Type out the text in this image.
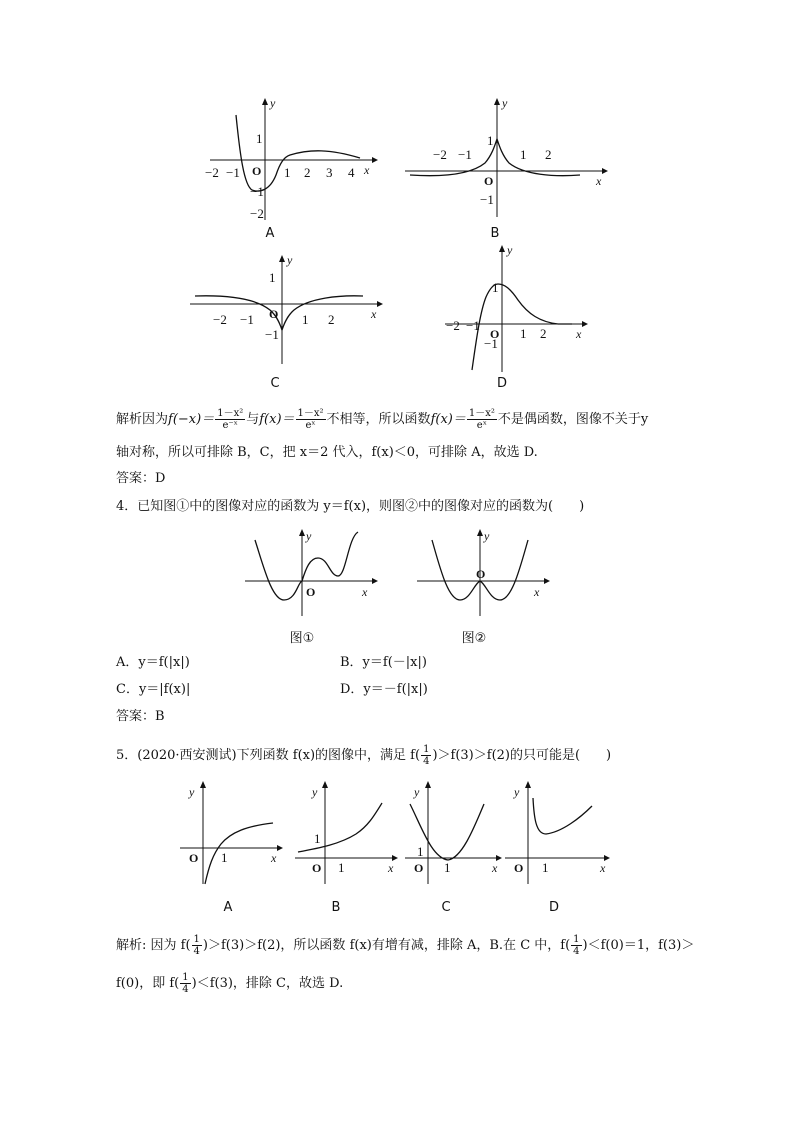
y
x
O
−2 −1	1 2 3 4
1
−1
−2
A
y
x
O
−2 −1	1 2
1
−1
B
y
x
O
−2 −1	1 2
1
−1
C
y
x
O
−2 −1
1 2
1
−1
D
解析因为$f(-x)= \frac{\text{1－x²}}{\text{e⁻ˣ}}$ 与$f(x)= \frac{\text{1－x²}}{\text{eˣ}}$ 不相等，所以函数$f(x)= \frac{\text{1－x²}}{\text{eˣ}}$ 不是偶函数，图像不关于y
轴对称，所以可排除 B，C，把 x＝2 代入，f(x)＜0，可排除 A，故选 D.
答案：D
4．已知图①中的图像对应的函数为 y＝f(x)，则图②中的图像对应的函数为(　　)
y
x
O
图①
y
x
O
图②
A．y＝f(|x|)	B．y＝f(－|x|)
C．y＝|f(x)|	D．y＝－f(|x|)
答案：B
5．(2020·西安测试)下列函数 f(x)的图像中，满足 $f( \frac{1}{4} )>f(3)>f(2)$的只可能是(　　)
y
x
O 1
A
y
x
O 1
1
B
y
x
O 1
1
C
y
x
O 1
D
解析: 因为 $f( \frac{1}{4} )>f(3)>f(2)$，所以函数 f(x)有增有减，排除 A，B.在 C 中，$f( \frac{1}{4} )<f(0)=1$，f(3)＞
f(0)，即 $f( \frac{1}{4} )<f(3)$，排除 C，故选 D.
